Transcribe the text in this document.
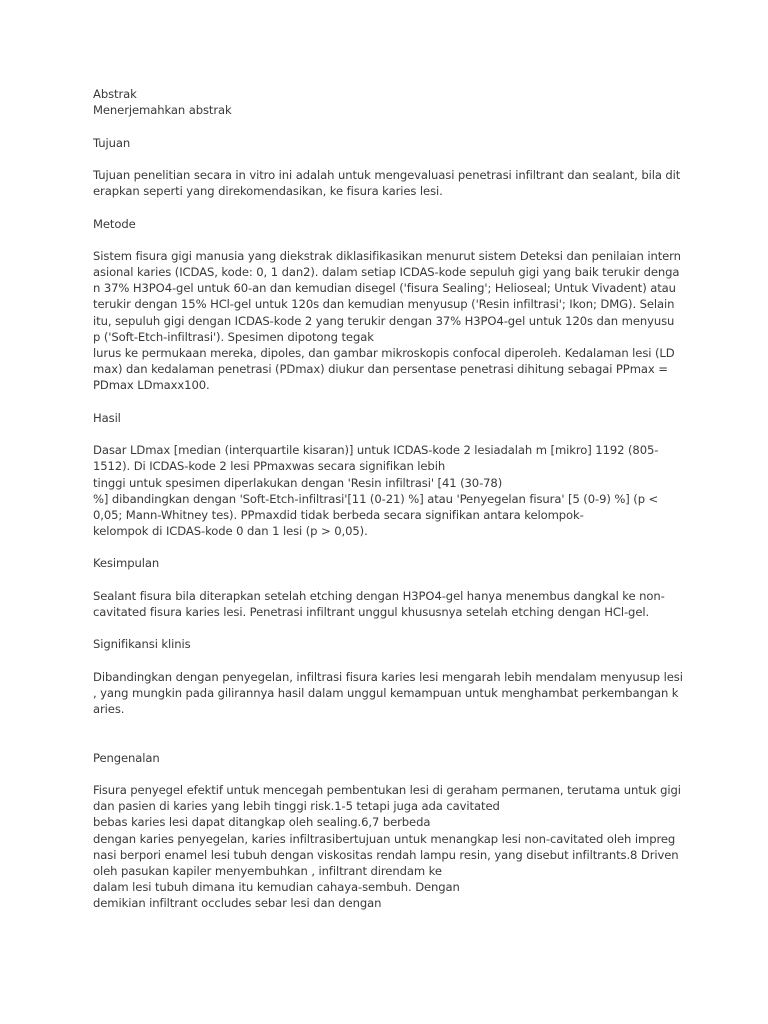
Abstrak
Menerjemahkan abstrak
Tujuan
Tujuan penelitian secara in vitro ini adalah untuk mengevaluasi penetrasi infiltrant dan sealant, bila dit
erapkan seperti yang direkomendasikan, ke fisura karies lesi.
Metode
Sistem fisura gigi manusia yang diekstrak diklasifikasikan menurut sistem Deteksi dan penilaian intern
asional karies (ICDAS, kode: 0, 1 dan2). dalam setiap ICDAS-kode sepuluh gigi yang baik terukir denga
n 37% H3PO4-gel untuk 60-an dan kemudian disegel ('fisura Sealing'; Helioseal; Untuk Vivadent) atau
terukir dengan 15% HCl-gel untuk 120s dan kemudian menyusup ('Resin infiltrasi'; Ikon; DMG). Selain
itu, sepuluh gigi dengan ICDAS-kode 2 yang terukir dengan 37% H3PO4-gel untuk 120s dan menyusu
p ('Soft-Etch-infiltrasi'). Spesimen dipotong tegak
lurus ke permukaan mereka, dipoles, dan gambar mikroskopis confocal diperoleh. Kedalaman lesi (LD
max) dan kedalaman penetrasi (PDmax) diukur dan persentase penetrasi dihitung sebagai PPmax =
PDmax LDmaxx100.
Hasil
Dasar LDmax [median (interquartile kisaran)] untuk ICDAS-kode 2 lesiadalah m [mikro] 1192 (805-
1512). Di ICDAS-kode 2 lesi PPmaxwas secara signifikan lebih
tinggi untuk spesimen diperlakukan dengan 'Resin infiltrasi' [41 (30-78)
%] dibandingkan dengan 'Soft-Etch-infiltrasi'[11 (0-21) %] atau 'Penyegelan fisura' [5 (0-9) %] (p <
0,05; Mann-Whitney tes). PPmaxdid tidak berbeda secara signifikan antara kelompok-
kelompok di ICDAS-kode 0 dan 1 lesi (p > 0,05).
Kesimpulan
Sealant fisura bila diterapkan setelah etching dengan H3PO4-gel hanya menembus dangkal ke non-
cavitated fisura karies lesi. Penetrasi infiltrant unggul khususnya setelah etching dengan HCl-gel.
Signifikansi klinis
Dibandingkan dengan penyegelan, infiltrasi fisura karies lesi mengarah lebih mendalam menyusup lesi
, yang mungkin pada gilirannya hasil dalam unggul kemampuan untuk menghambat perkembangan k
aries.
Pengenalan
Fisura penyegel efektif untuk mencegah pembentukan lesi di geraham permanen, terutama untuk gigi
dan pasien di karies yang lebih tinggi risk.1-5 tetapi juga ada cavitated
bebas karies lesi dapat ditangkap oleh sealing.6,7 berbeda
dengan karies penyegelan, karies infiltrasibertujuan untuk menangkap lesi non-cavitated oleh impreg
nasi berpori enamel lesi tubuh dengan viskositas rendah lampu resin, yang disebut infiltrants.8 Driven
oleh pasukan kapiler menyembuhkan , infiltrant direndam ke
dalam lesi tubuh dimana itu kemudian cahaya-sembuh. Dengan
demikian infiltrant occludes sebar lesi dan dengan
